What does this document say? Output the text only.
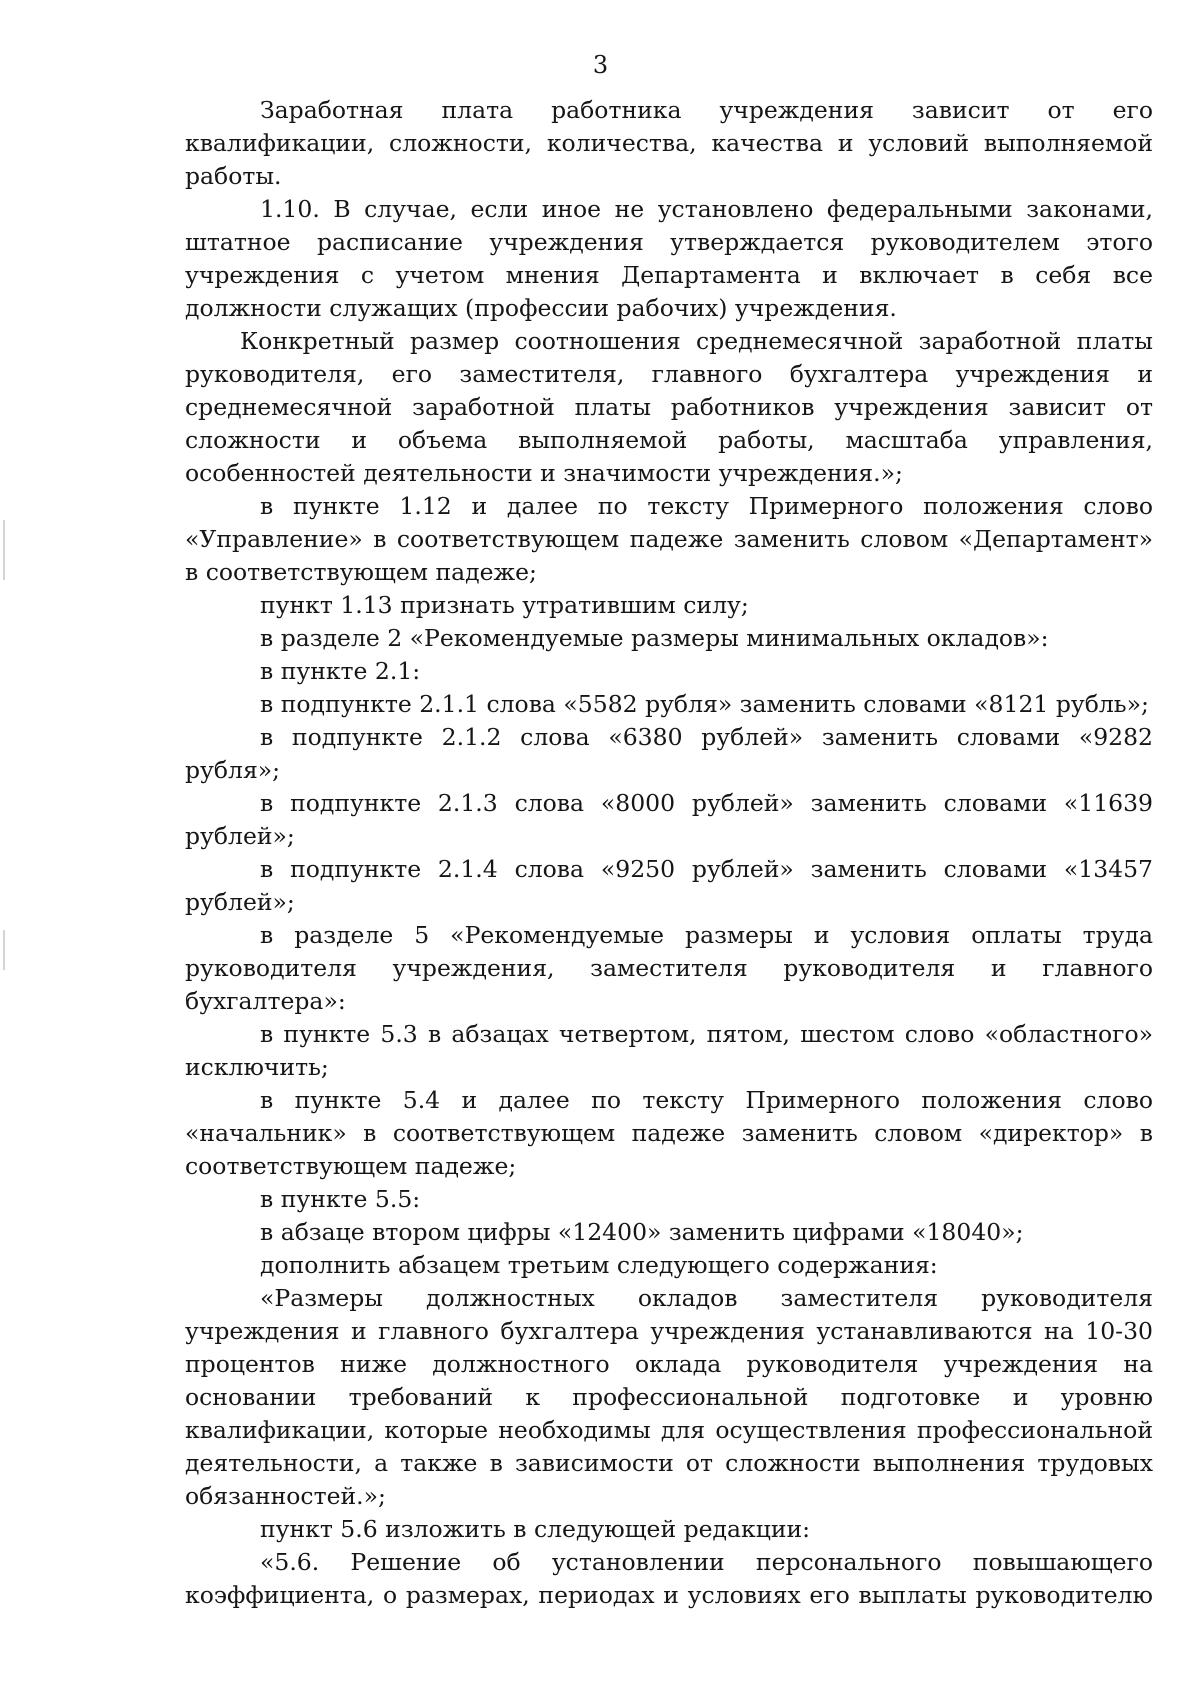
3

Заработная плата работника учреждения зависит от его квалификации, сложности, количества, качества и условий выполняемой работы.

1.10. В случае, если иное не установлено федеральными законами, штатное расписание учреждения утверждается руководителем этого учреждения с учетом мнения Департамента и включает в себя все должности служащих (профессии рабочих) учреждения.

Конкретный размер соотношения среднемесячной заработной платы руководителя, его заместителя, главного бухгалтера учреждения и среднемесячной заработной платы работников учреждения зависит от сложности и объема выполняемой работы, масштаба управления, особенностей деятельности и значимости учреждения.»;

в пункте 1.12 и далее по тексту Примерного положения слово «Управление» в соответствующем падеже заменить словом «Департамент» в соответствующем падеже;

пункт 1.13 признать утратившим силу;

в разделе 2 «Рекомендуемые размеры минимальных окладов»:

в пункте 2.1:

в подпункте 2.1.1 слова «5582 рубля» заменить словами «8121 рубль»;

в подпункте 2.1.2 слова «6380 рублей» заменить словами «9282 рубля»;

в подпункте 2.1.3 слова «8000 рублей» заменить словами «11639 рублей»;

в подпункте 2.1.4 слова «9250 рублей» заменить словами «13457 рублей»;

в разделе 5 «Рекомендуемые размеры и условия оплаты труда руководителя учреждения, заместителя руководителя и главного бухгалтера»:

в пункте 5.3 в абзацах четвертом, пятом, шестом слово «областного» исключить;

в пункте 5.4 и далее по тексту Примерного положения слово «начальник» в соответствующем падеже заменить словом «директор» в соответствующем падеже;

в пункте 5.5:

в абзаце втором цифры «12400» заменить цифрами «18040»;

дополнить абзацем третьим следующего содержания:

«Размеры должностных окладов заместителя руководителя учреждения и главного бухгалтера учреждения устанавливаются на 10-30 процентов ниже должностного оклада руководителя учреждения на основании требований к профессиональной подготовке и уровню квалификации, которые необходимы для осуществления профессиональной деятельности, а также в зависимости от сложности выполнения трудовых обязанностей.»;

пункт 5.6 изложить в следующей редакции:

«5.6. Решение об установлении персонального повышающего коэффициента, о размерах, периодах и условиях его выплаты руководителю
